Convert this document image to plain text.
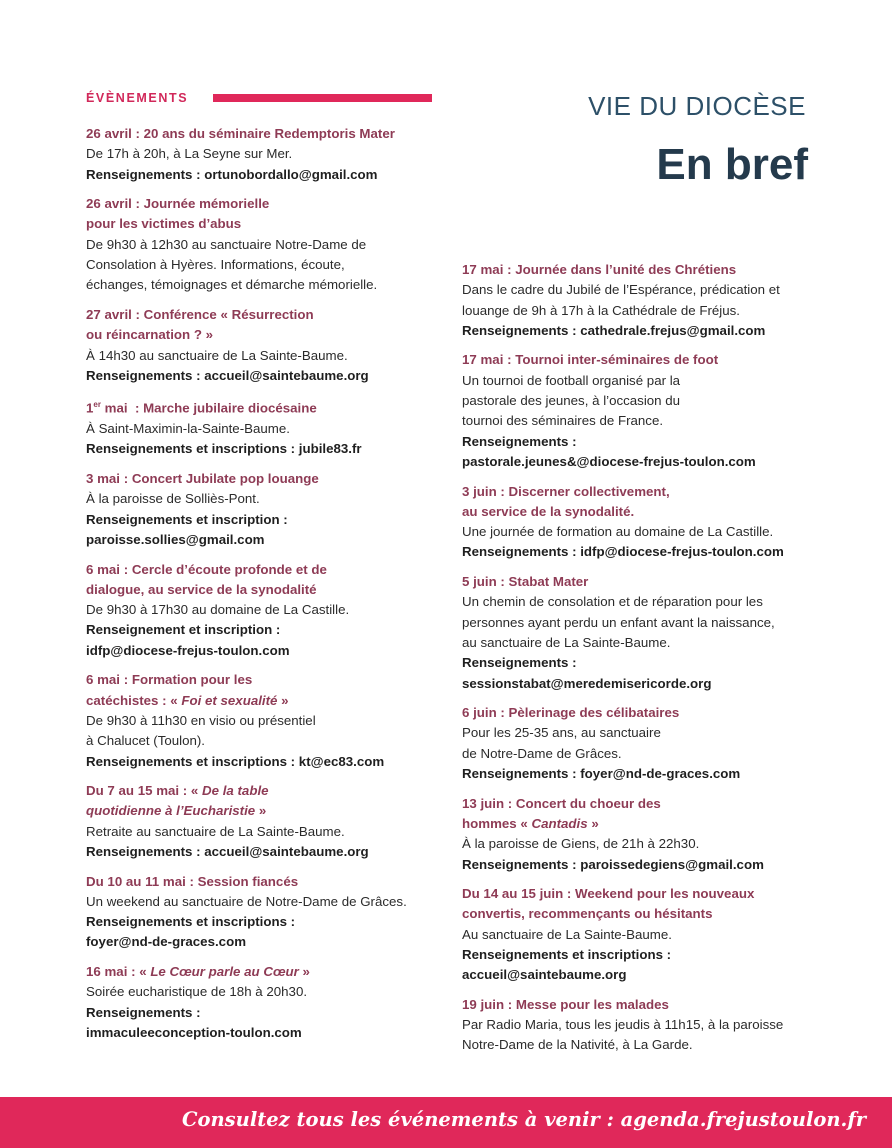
ÉVÈNEMENTS	VIE DU DIOCÈSE
En bref
26 avril : 20 ans du séminaire Redemptoris Mater
De 17h à 20h, à La Seyne sur Mer.
Renseignements : ortunobordallo@gmail.com
26 avril : Journée mémorielle
pour les victimes d’abus
De 9h30 à 12h30 au sanctuaire Notre-Dame de
Consolation à Hyères. Informations, écoute,
échanges, témoignages et démarche mémorielle.
27 avril : Conférence « Résurrection
ou réincarnation ? »
À 14h30 au sanctuaire de La Sainte-Baume.
Renseignements : accueil@saintebaume.org
1er mai  : Marche jubilaire diocésaine
À Saint-Maximin-la-Sainte-Baume.
Renseignements et inscriptions : jubile83.fr
3 mai : Concert Jubilate pop louange
À la paroisse de Solliès-Pont.
Renseignements et inscription :
paroisse.sollies@gmail.com
6 mai : Cercle d’écoute profonde et de
dialogue, au service de la synodalité
De 9h30 à 17h30 au domaine de La Castille.
Renseignement et inscription :
idfp@diocese-frejus-toulon.com
6 mai : Formation pour les
catéchistes : « Foi et sexualité »
De 9h30 à 11h30 en visio ou présentiel
à Chalucet (Toulon).
Renseignements et inscriptions : kt@ec83.com
Du 7 au 15 mai : « De la table
quotidienne à l’Eucharistie »
Retraite au sanctuaire de La Sainte-Baume.
Renseignements : accueil@saintebaume.org
Du 10 au 11 mai : Session fiancés
Un weekend au sanctuaire de Notre-Dame de Grâces.
Renseignements et inscriptions :
foyer@nd-de-graces.com
16 mai : « Le Cœur parle au Cœur »
Soirée eucharistique de 18h à 20h30.
Renseignements :
immaculeeconception-toulon.com
17 mai : Journée dans l’unité des Chrétiens
Dans le cadre du Jubilé de l’Espérance, prédication et
louange de 9h à 17h à la Cathédrale de Fréjus.
Renseignements : cathedrale.frejus@gmail.com
17 mai : Tournoi inter-séminaires de foot
Un tournoi de football organisé par la
pastorale des jeunes, à l’occasion du
tournoi des séminaires de France.
Renseignements :
pastorale.jeunes&@diocese-frejus-toulon.com
3 juin : Discerner collectivement,
au service de la synodalité.
Une journée de formation au domaine de La Castille.
Renseignements : idfp@diocese-frejus-toulon.com
5 juin : Stabat Mater
Un chemin de consolation et de réparation pour les
personnes ayant perdu un enfant avant la naissance,
au sanctuaire de La Sainte-Baume.
Renseignements :
sessionstabat@meredemisericorde.org
6 juin : Pèlerinage des célibataires
Pour les 25-35 ans, au sanctuaire
de Notre-Dame de Grâces.
Renseignements : foyer@nd-de-graces.com
13 juin : Concert du choeur des
hommes « Cantadis »
À la paroisse de Giens, de 21h à 22h30.
Renseignements : paroissedegiens@gmail.com
Du 14 au 15 juin : Weekend pour les nouveaux
convertis, recommençants ou hésitants
Au sanctuaire de La Sainte-Baume.
Renseignements et inscriptions :
accueil@saintebaume.org
19 juin : Messe pour les malades
Par Radio Maria, tous les jeudis à 11h15, à la paroisse
Notre-Dame de la Nativité, à La Garde.
Consultez tous les événements à venir : agenda.frejustoulon.fr
